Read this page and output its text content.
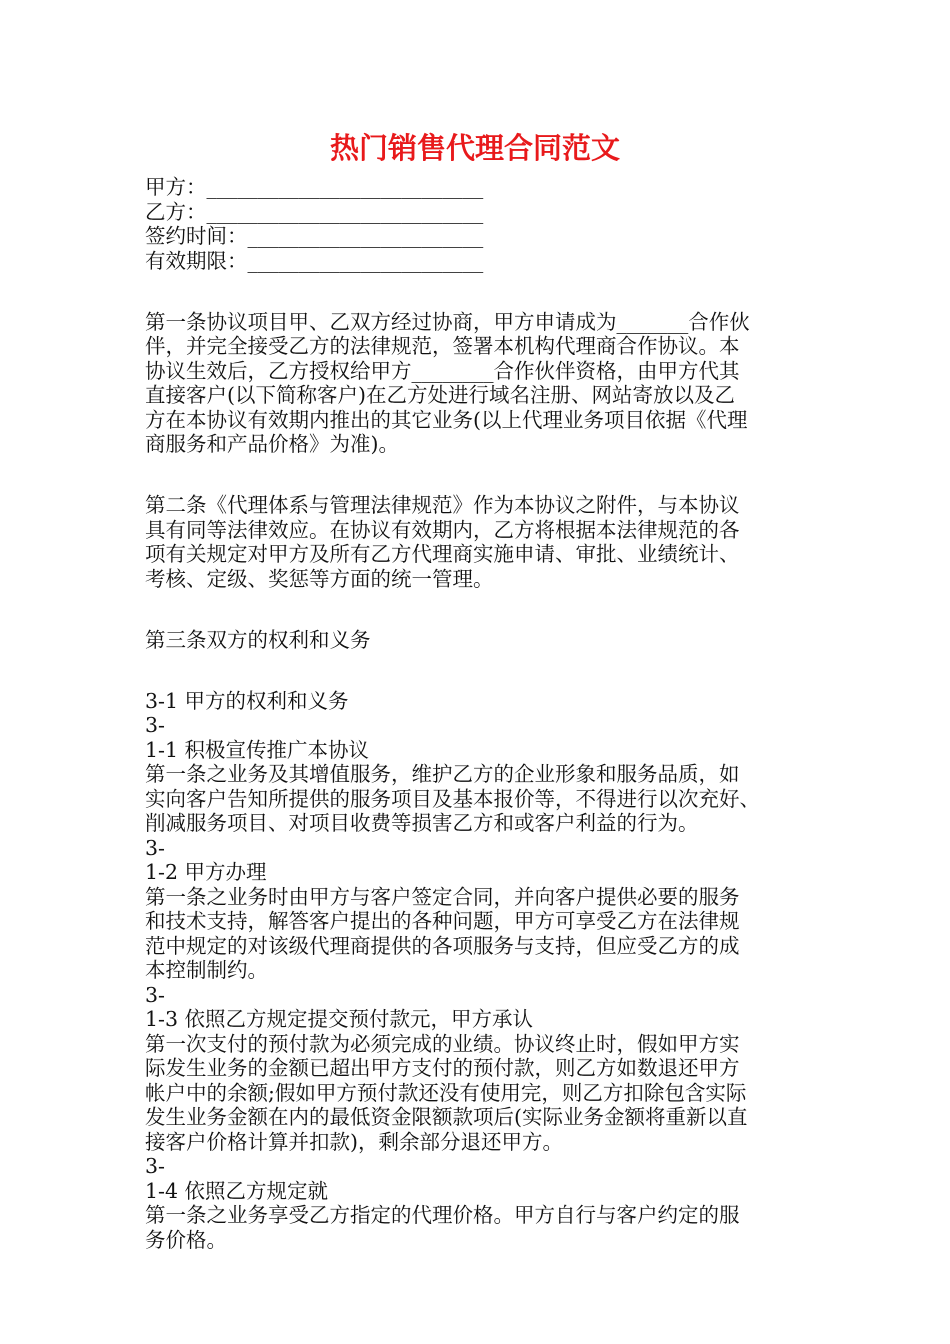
热门销售代理合同范文
甲方：___________________________
乙方：___________________________
签约时间：_______________________
有效期限：_______________________
第一条协议项目甲、乙双方经过协商，甲方申请成为_______合作伙
伴，并完全接受乙方的法律规范，签署本机构代理商合作协议。本
协议生效后，乙方授权给甲方________合作伙伴资格，由甲方代其
直接客户(以下简称客户)在乙方处进行域名注册、网站寄放以及乙
方在本协议有效期内推出的其它业务(以上代理业务项目依据《代理
商服务和产品价格》为准)。
第二条《代理体系与管理法律规范》作为本协议之附件，与本协议
具有同等法律效应。在协议有效期内，乙方将根据本法律规范的各
项有关规定对甲方及所有乙方代理商实施申请、审批、业绩统计、
考核、定级、奖惩等方面的统一管理。
第三条双方的权利和义务
3-1 甲方的权利和义务
3-
1-1 积极宣传推广本协议
第一条之业务及其增值服务，维护乙方的企业形象和服务品质，如
实向客户告知所提供的服务项目及基本报价等，不得进行以次充好、
削减服务项目、对项目收费等损害乙方和或客户利益的行为。
3-
1-2 甲方办理
第一条之业务时由甲方与客户签定合同，并向客户提供必要的服务
和技术支持，解答客户提出的各种问题，甲方可享受乙方在法律规
范中规定的对该级代理商提供的各项服务与支持，但应受乙方的成
本控制制约。
3-
1-3 依照乙方规定提交预付款元，甲方承认
第一次支付的预付款为必须完成的业绩。协议终止时，假如甲方实
际发生业务的金额已超出甲方支付的预付款，则乙方如数退还甲方
帐户中的余额;假如甲方预付款还没有使用完，则乙方扣除包含实际
发生业务金额在内的最低资金限额款项后(实际业务金额将重新以直
接客户价格计算并扣款)，剩余部分退还甲方。
3-
1-4 依照乙方规定就
第一条之业务享受乙方指定的代理价格。甲方自行与客户约定的服
务价格。
